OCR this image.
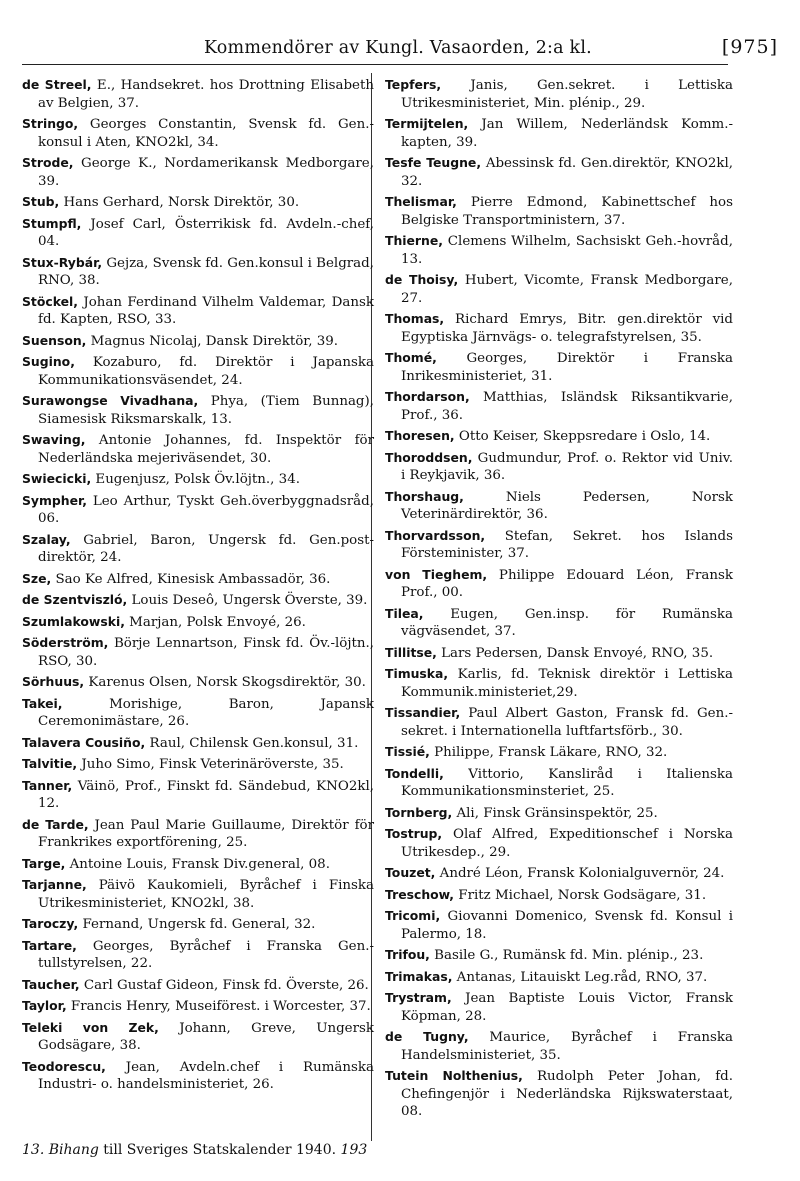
Kommendörer av Kungl. Vasaorden, 2:a kl.	[975]
de Streel, E., Handsekret. hos Drottning Elisabeth av Belgien, 37.
Stringo, Georges Constantin, Svensk fd. Gen.-konsul i Aten, KNO2kl, 34.
Strode, George K., Nordamerikansk Medborgare, 39.
Stub, Hans Gerhard, Norsk Direktör, 30.
Stumpfl, Josef Carl, Österrikisk fd. Avdeln.-chef, 04.
Stux-Rybár, Gejza, Svensk fd. Gen.konsul i Belgrad, RNO, 38.
Stöckel, Johan Ferdinand Vilhelm Valdemar, Dansk fd. Kapten, RSO, 33.
Suenson, Magnus Nicolaj, Dansk Direktör, 39.
Sugino, Kozaburo, fd. Direktör i Japanska Kommunikationsväsendet, 24.
Surawongse Vivadhana, Phya, (Tiem Bunnag), Siamesisk Riksmarskalk, 13.
Swaving, Antonie Johannes, fd. Inspektör för Nederländska mejeriväsendet, 30.
Swiecicki, Eugenjusz, Polsk Öv.löjtn., 34.
Sympher, Leo Arthur, Tyskt Geh.överbyggnadsråd, 06.
Szalay, Gabriel, Baron, Ungersk fd. Gen.post-direktör, 24.
Sze, Sao Ke Alfred, Kinesisk Ambassadör, 36.
de Szentviszló, Louis Deseô, Ungersk Överste, 39.
Szumlakowski, Marjan, Polsk Envoyé, 26.
Söderström, Börje Lennartson, Finsk fd. Öv.-löjtn., RSO, 30.
Sörhuus, Karenus Olsen, Norsk Skogsdirektör, 30.
Takei, Morishige, Baron, Japansk Ceremonimästare, 26.
Talavera Cousiño, Raul, Chilensk Gen.konsul, 31.
Talvitie, Juho Simo, Finsk Veterinäröverste, 35.
Tanner, Väinö, Prof., Finskt fd. Sändebud, KNO2kl, 12.
de Tarde, Jean Paul Marie Guillaume, Direktör för Frankrikes exportförening, 25.
Targe, Antoine Louis, Fransk Div.general, 08.
Tarjanne, Päivö Kaukomieli, Byråchef i Finska Utrikesministeriet, KNO2kl, 38.
Taroczy, Fernand, Ungersk fd. General, 32.
Tartare, Georges, Byråchef i Franska Gen.-tullstyrelsen, 22.
Taucher, Carl Gustaf Gideon, Finsk fd. Överste, 26.
Taylor, Francis Henry, Museiförest. i Worcester, 37.
Teleki von Zek, Johann, Greve, Ungersk Godsägare, 38.
Teodorescu, Jean, Avdeln.chef i Rumänska Industri- o. handelsministeriet, 26.
Tepfers, Janis, Gen.sekret. i Lettiska Utrikesministeriet, Min. plénip., 29.
Termijtelen, Jan Willem, Nederländsk Komm.-kapten, 39.
Tesfe Teugne, Abessinsk fd. Gen.direktör, KNO2kl, 32.
Thelismar, Pierre Edmond, Kabinettschef hos Belgiske Transportministern, 37.
Thierne, Clemens Wilhelm, Sachsiskt Geh.-hovråd, 13.
de Thoisy, Hubert, Vicomte, Fransk Medborgare, 27.
Thomas, Richard Emrys, Bitr. gen.direktör vid Egyptiska Järnvägs- o. telegrafstyrelsen, 35.
Thomé, Georges, Direktör i Franska Inrikesministeriet, 31.
Thordarson, Matthias, Isländsk Riksantikvarie, Prof., 36.
Thoresen, Otto Keiser, Skeppsredare i Oslo, 14.
Thoroddsen, Gudmundur, Prof. o. Rektor vid Univ. i Reykjavik, 36.
Thorshaug, Niels Pedersen, Norsk Veterinärdirektör, 36.
Thorvardsson, Stefan, Sekret. hos Islands Försteminister, 37.
von Tieghem, Philippe Edouard Léon, Fransk Prof., 00.
Tilea, Eugen, Gen.insp. för Rumänska vägväsendet, 37.
Tillitse, Lars Pedersen, Dansk Envoyé, RNO, 35.
Timuska, Karlis, fd. Teknisk direktör i Lettiska Kommunik.ministeriet,29.
Tissandier, Paul Albert Gaston, Fransk fd. Gen.-sekret. i Internationella luftfartsförb., 30.
Tissié, Philippe, Fransk Läkare, RNO, 32.
Tondelli, Vittorio, Kansliråd i Italienska Kommunikationsminsteriet, 25.
Tornberg, Ali, Finsk Gränsinspektör, 25.
Tostrup, Olaf Alfred, Expeditionschef i Norska Utrikesdep., 29.
Touzet, André Léon, Fransk Kolonialguvernör, 24.
Treschow, Fritz Michael, Norsk Godsägare, 31.
Tricomi, Giovanni Domenico, Svensk fd. Konsul i Palermo, 18.
Trifou, Basile G., Rumänsk fd. Min. plénip., 23.
Trimakas, Antanas, Litauiskt Leg.råd, RNO, 37.
Trystram, Jean Baptiste Louis Victor, Fransk Köpman, 28.
de Tugny, Maurice, Byråchef i Franska Handelsministeriet, 35.
Tutein Nolthenius, Rudolph Peter Johan, fd. Chefingenjör i Nederländska Rijkswaterstaat, 08.
13. Bihang till Sveriges Statskalender 1940. 193
